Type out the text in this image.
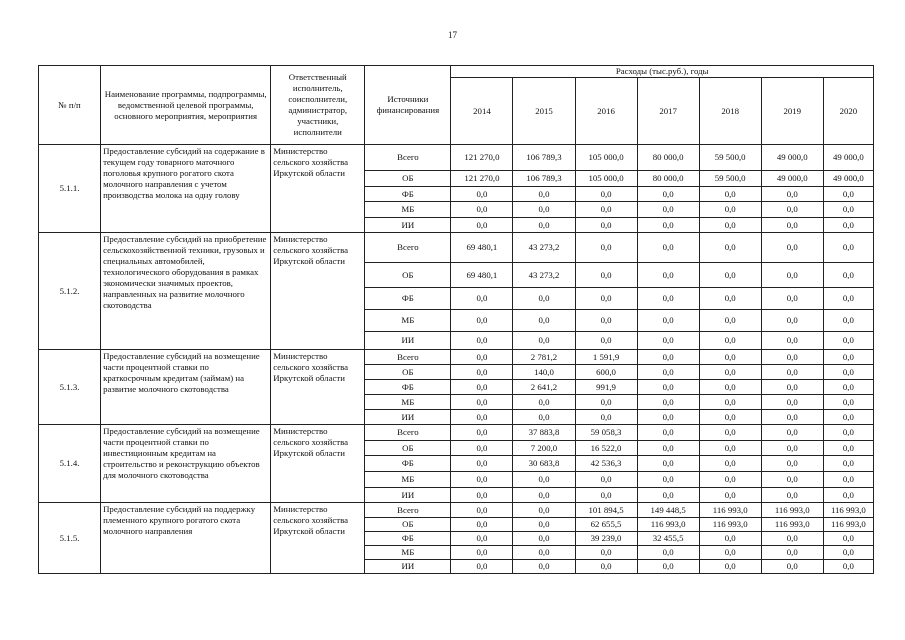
17
№ п/п	Наименование программы, подпрограммы, ведомственной целевой программы, основного мероприятия, мероприятия	Ответственный исполнитель, соисполнители, администратор, участники, исполнители	Источники финансирования	Расходы (тыс.руб.), годы						
				2014	2015	2016	2017	2018	2019	2020
5.1.1.	Предоставление субсидий на содержание в текущем году товарного маточного поголовья крупного рогатого скота молочного направления с учетом производства молока на одну голову	Министерство сельского хозяйства Иркутской области	Всего	121 270,0	106 789,3	105 000,0	80 000,0	59 500,0	49 000,0	49 000,0
			ОБ	121 270,0	106 789,3	105 000,0	80 000,0	59 500,0	49 000,0	49 000,0
			ФБ	0,0	0,0	0,0	0,0	0,0	0,0	0,0
			МБ	0,0	0,0	0,0	0,0	0,0	0,0	0,0
			ИИ	0,0	0,0	0,0	0,0	0,0	0,0	0,0
5.1.2.	Предоставление субсидий на приобретение сельскохозяйственной техники, грузовых и специальных автомобилей, технологического оборудования в рамках экономически значимых проектов, направленных на развитие молочного скотоводства	Министерство сельского хозяйства Иркутской области	Всего	69 480,1	43 273,2	0,0	0,0	0,0	0,0	0,0
			ОБ	69 480,1	43 273,2	0,0	0,0	0,0	0,0	0,0
			ФБ	0,0	0,0	0,0	0,0	0,0	0,0	0,0
			МБ	0,0	0,0	0,0	0,0	0,0	0,0	0,0
			ИИ	0,0	0,0	0,0	0,0	0,0	0,0	0,0
5.1.3.	Предоставление субсидий на возмещение части процентной ставки по краткосрочным кредитам (займам) на развитие молочного скотоводства	Министерство сельского хозяйства Иркутской области	Всего	0,0	2 781,2	1 591,9	0,0	0,0	0,0	0,0
			ОБ	0,0	140,0	600,0	0,0	0,0	0,0	0,0
			ФБ	0,0	2 641,2	991,9	0,0	0,0	0,0	0,0
			МБ	0,0	0,0	0,0	0,0	0,0	0,0	0,0
			ИИ	0,0	0,0	0,0	0,0	0,0	0,0	0,0
5.1.4.	Предоставление субсидий на возмещение части процентной ставки по инвестиционным кредитам на строительство и реконструкцию объектов для молочного скотоводства	Министерство сельского хозяйства Иркутской области	Всего	0,0	37 883,8	59 058,3	0,0	0,0	0,0	0,0
			ОБ	0,0	7 200,0	16 522,0	0,0	0,0	0,0	0,0
			ФБ	0,0	30 683,8	42 536,3	0,0	0,0	0,0	0,0
			МБ	0,0	0,0	0,0	0,0	0,0	0,0	0,0
			ИИ	0,0	0,0	0,0	0,0	0,0	0,0	0,0
5.1.5.	Предоставление субсидий на поддержку племенного крупного рогатого скота молочного направления	Министерство сельского хозяйства Иркутской области	Всего	0,0	0,0	101 894,5	149 448,5	116 993,0	116 993,0	116 993,0
			ОБ	0,0	0,0	62 655,5	116 993,0	116 993,0	116 993,0	116 993,0
			ФБ	0,0	0,0	39 239,0	32 455,5	0,0	0,0	0,0
			МБ	0,0	0,0	0,0	0,0	0,0	0,0	0,0
			ИИ	0,0	0,0	0,0	0,0	0,0	0,0	0,0
